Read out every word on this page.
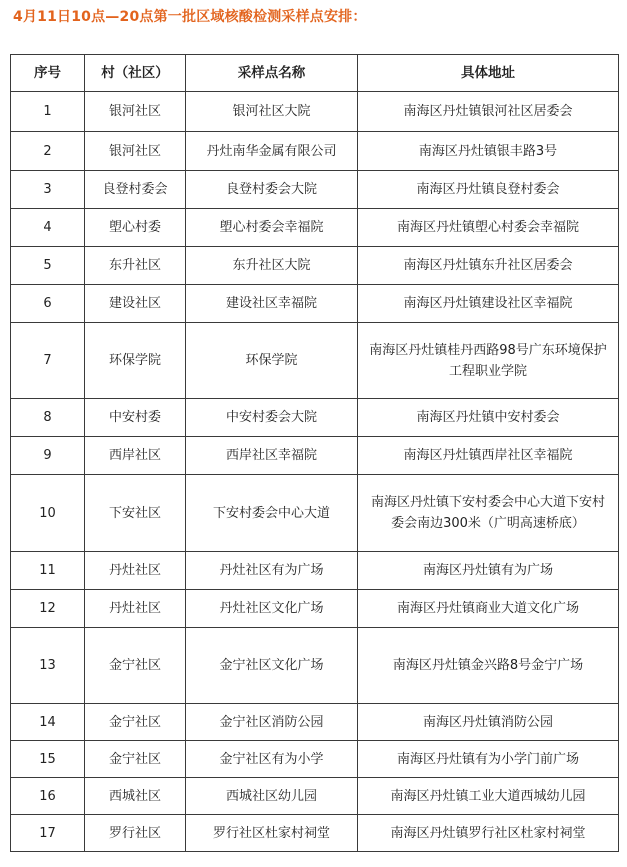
4月11日10点—20点第一批区域核酸检测采样点安排：
序号	村（社区）	采样点名称	具体地址
1	银河社区	银河社区大院	南海区丹灶镇银河社区居委会
2	银河社区	丹灶南华金属有限公司	南海区丹灶镇银丰路3号
3	良登村委会	良登村委会大院	南海区丹灶镇良登村委会
4	塱心村委	塱心村委会幸福院	南海区丹灶镇塱心村委会幸福院
5	东升社区	东升社区大院	南海区丹灶镇东升社区居委会
6	建设社区	建设社区幸福院	南海区丹灶镇建设社区幸福院
7	环保学院	环保学院	南海区丹灶镇桂丹西路98号广东环境保护工程职业学院
8	中安村委	中安村委会大院	南海区丹灶镇中安村委会
9	西岸社区	西岸社区幸福院	南海区丹灶镇西岸社区幸福院
10	下安社区	下安村委会中心大道	南海区丹灶镇下安村委会中心大道下安村委会南边300米（广明高速桥底）
11	丹灶社区	丹灶社区有为广场	南海区丹灶镇有为广场
12	丹灶社区	丹灶社区文化广场	南海区丹灶镇商业大道文化广场
13	金宁社区	金宁社区文化广场	南海区丹灶镇金兴路8号金宁广场
14	金宁社区	金宁社区消防公园	南海区丹灶镇消防公园
15	金宁社区	金宁社区有为小学	南海区丹灶镇有为小学门前广场
16	西城社区	西城社区幼儿园	南海区丹灶镇工业大道西城幼儿园
17	罗行社区	罗行社区杜家村祠堂	南海区丹灶镇罗行社区杜家村祠堂
